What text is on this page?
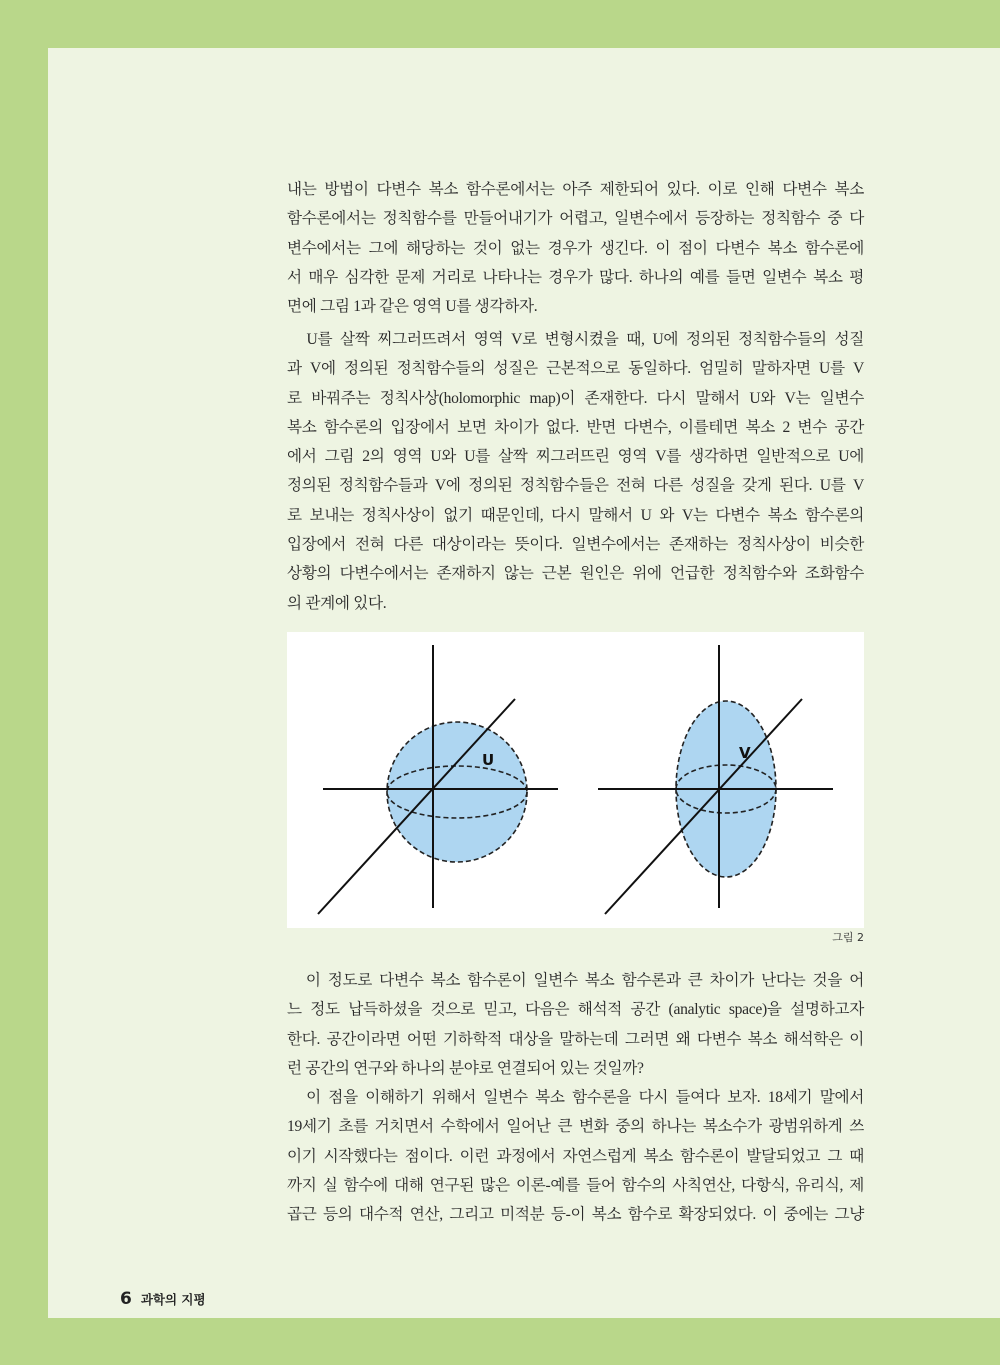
내는 방법이 다변수 복소 함수론에서는 아주 제한되어 있다. 이로 인해 다변수 복소
함수론에서는 정칙함수를 만들어내기가 어렵고, 일변수에서 등장하는 정칙함수 중 다
변수에서는 그에 해당하는 것이 없는 경우가 생긴다. 이 점이 다변수 복소 함수론에
서 매우 심각한 문제 거리로 나타나는 경우가 많다. 하나의 예를 들면 일변수 복소 평
면에 그림 1과 같은 영역 U를 생각하자.
　U를 살짝 찌그러뜨려서 영역 V로 변형시켰을 때, U에 정의된 정칙함수들의 성질
과 V에 정의된 정칙함수들의 성질은 근본적으로 동일하다. 엄밀히 말하자면 U를 V
로 바꿔주는 정칙사상(holomorphic map)이 존재한다. 다시 말해서 U와 V는 일변수
복소 함수론의 입장에서 보면 차이가 없다. 반면 다변수, 이를테면 복소 2 변수 공간
에서 그림 2의 영역 U와 U를 살짝 찌그러뜨린 영역 V를 생각하면 일반적으로 U에
정의된 정칙함수들과 V에 정의된 정칙함수들은 전혀 다른 성질을 갖게 된다. U를 V
로 보내는 정칙사상이 없기 때문인데, 다시 말해서 U 와 V는 다변수 복소 함수론의
입장에서 전혀 다른 대상이라는 뜻이다. 일변수에서는 존재하는 정칙사상이 비슷한
상황의 다변수에서는 존재하지 않는 근본 원인은 위에 언급한 정칙함수와 조화함수
의 관계에 있다.
U	V
그림 2
　이 정도로 다변수 복소 함수론이 일변수 복소 함수론과 큰 차이가 난다는 것을 어
느 정도 납득하셨을 것으로 믿고, 다음은 해석적 공간 (analytic space)을 설명하고자
한다. 공간이라면 어떤 기하학적 대상을 말하는데 그러면 왜 다변수 복소 해석학은 이
런 공간의 연구와 하나의 분야로 연결되어 있는 것일까?
　이 점을 이해하기 위해서 일변수 복소 함수론을 다시 들여다 보자. 18세기 말에서
19세기 초를 거치면서 수학에서 일어난 큰 변화 중의 하나는 복소수가 광범위하게 쓰
이기 시작했다는 점이다. 이런 과정에서 자연스럽게 복소 함수론이 발달되었고 그 때
까지 실 함수에 대해 연구된 많은 이론-예를 들어 함수의 사칙연산, 다항식, 유리식, 제
곱근 등의 대수적 연산, 그리고 미적분 등-이 복소 함수로 확장되었다. 이 중에는 그냥
6 과학의 지평
